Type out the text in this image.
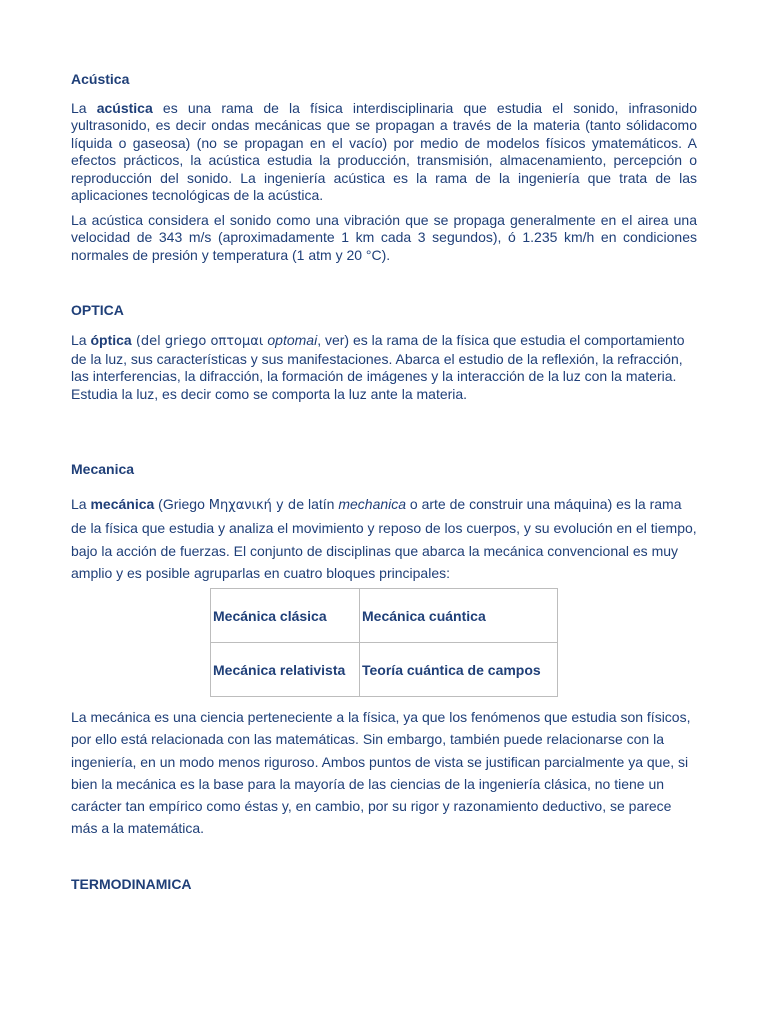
Acústica
La acústica es una rama de la física interdisciplinaria que estudia el sonido, infrasonido yultrasonido, es decir ondas mecánicas que se propagan a través de la materia (tanto sólidacomo líquida o gaseosa) (no se propagan en el vacío) por medio de modelos físicos ymatemáticos. A efectos prácticos, la acústica estudia la producción, transmisión, almacenamiento, percepción o reproducción del sonido. La ingeniería acústica es la rama de la ingeniería que trata de las aplicaciones tecnológicas de la acústica.
La acústica considera el sonido como una vibración que se propaga generalmente en el airea una velocidad de 343 m/s (aproximadamente 1 km cada 3 segundos), ó 1.235 km/h en condiciones normales de presión y temperatura (1 atm y 20 °C).
OPTICA
La óptica (del griego οπτομαι optomai, ver) es la rama de la física que estudia el comportamiento de la luz, sus características y sus manifestaciones. Abarca el estudio de la reflexión, la refracción, las interferencias, la difracción, la formación de imágenes y la interacción de la luz con la materia. Estudia la luz, es decir como se comporta la luz ante la materia.
Mecanica
La mecánica (Griego Μηχανική y de latín mechanica o arte de construir una máquina) es la rama de la física que estudia y analiza el movimiento y reposo de los cuerpos, y su evolución en el tiempo, bajo la acción de fuerzas. El conjunto de disciplinas que abarca la mecánica convencional es muy amplio y es posible agruparlas en cuatro bloques principales:
Mecánica clásica	Mecánica cuántica
Mecánica relativista	Teoría cuántica de campos
La mecánica es una ciencia perteneciente a la física, ya que los fenómenos que estudia son físicos, por ello está relacionada con las matemáticas. Sin embargo, también puede relacionarse con la ingeniería, en un modo menos riguroso. Ambos puntos de vista se justifican parcialmente ya que, si bien la mecánica es la base para la mayoría de las ciencias de la ingeniería clásica, no tiene un carácter tan empírico como éstas y, en cambio, por su rigor y razonamiento deductivo, se parece más a la matemática.
TERMODINAMICA
